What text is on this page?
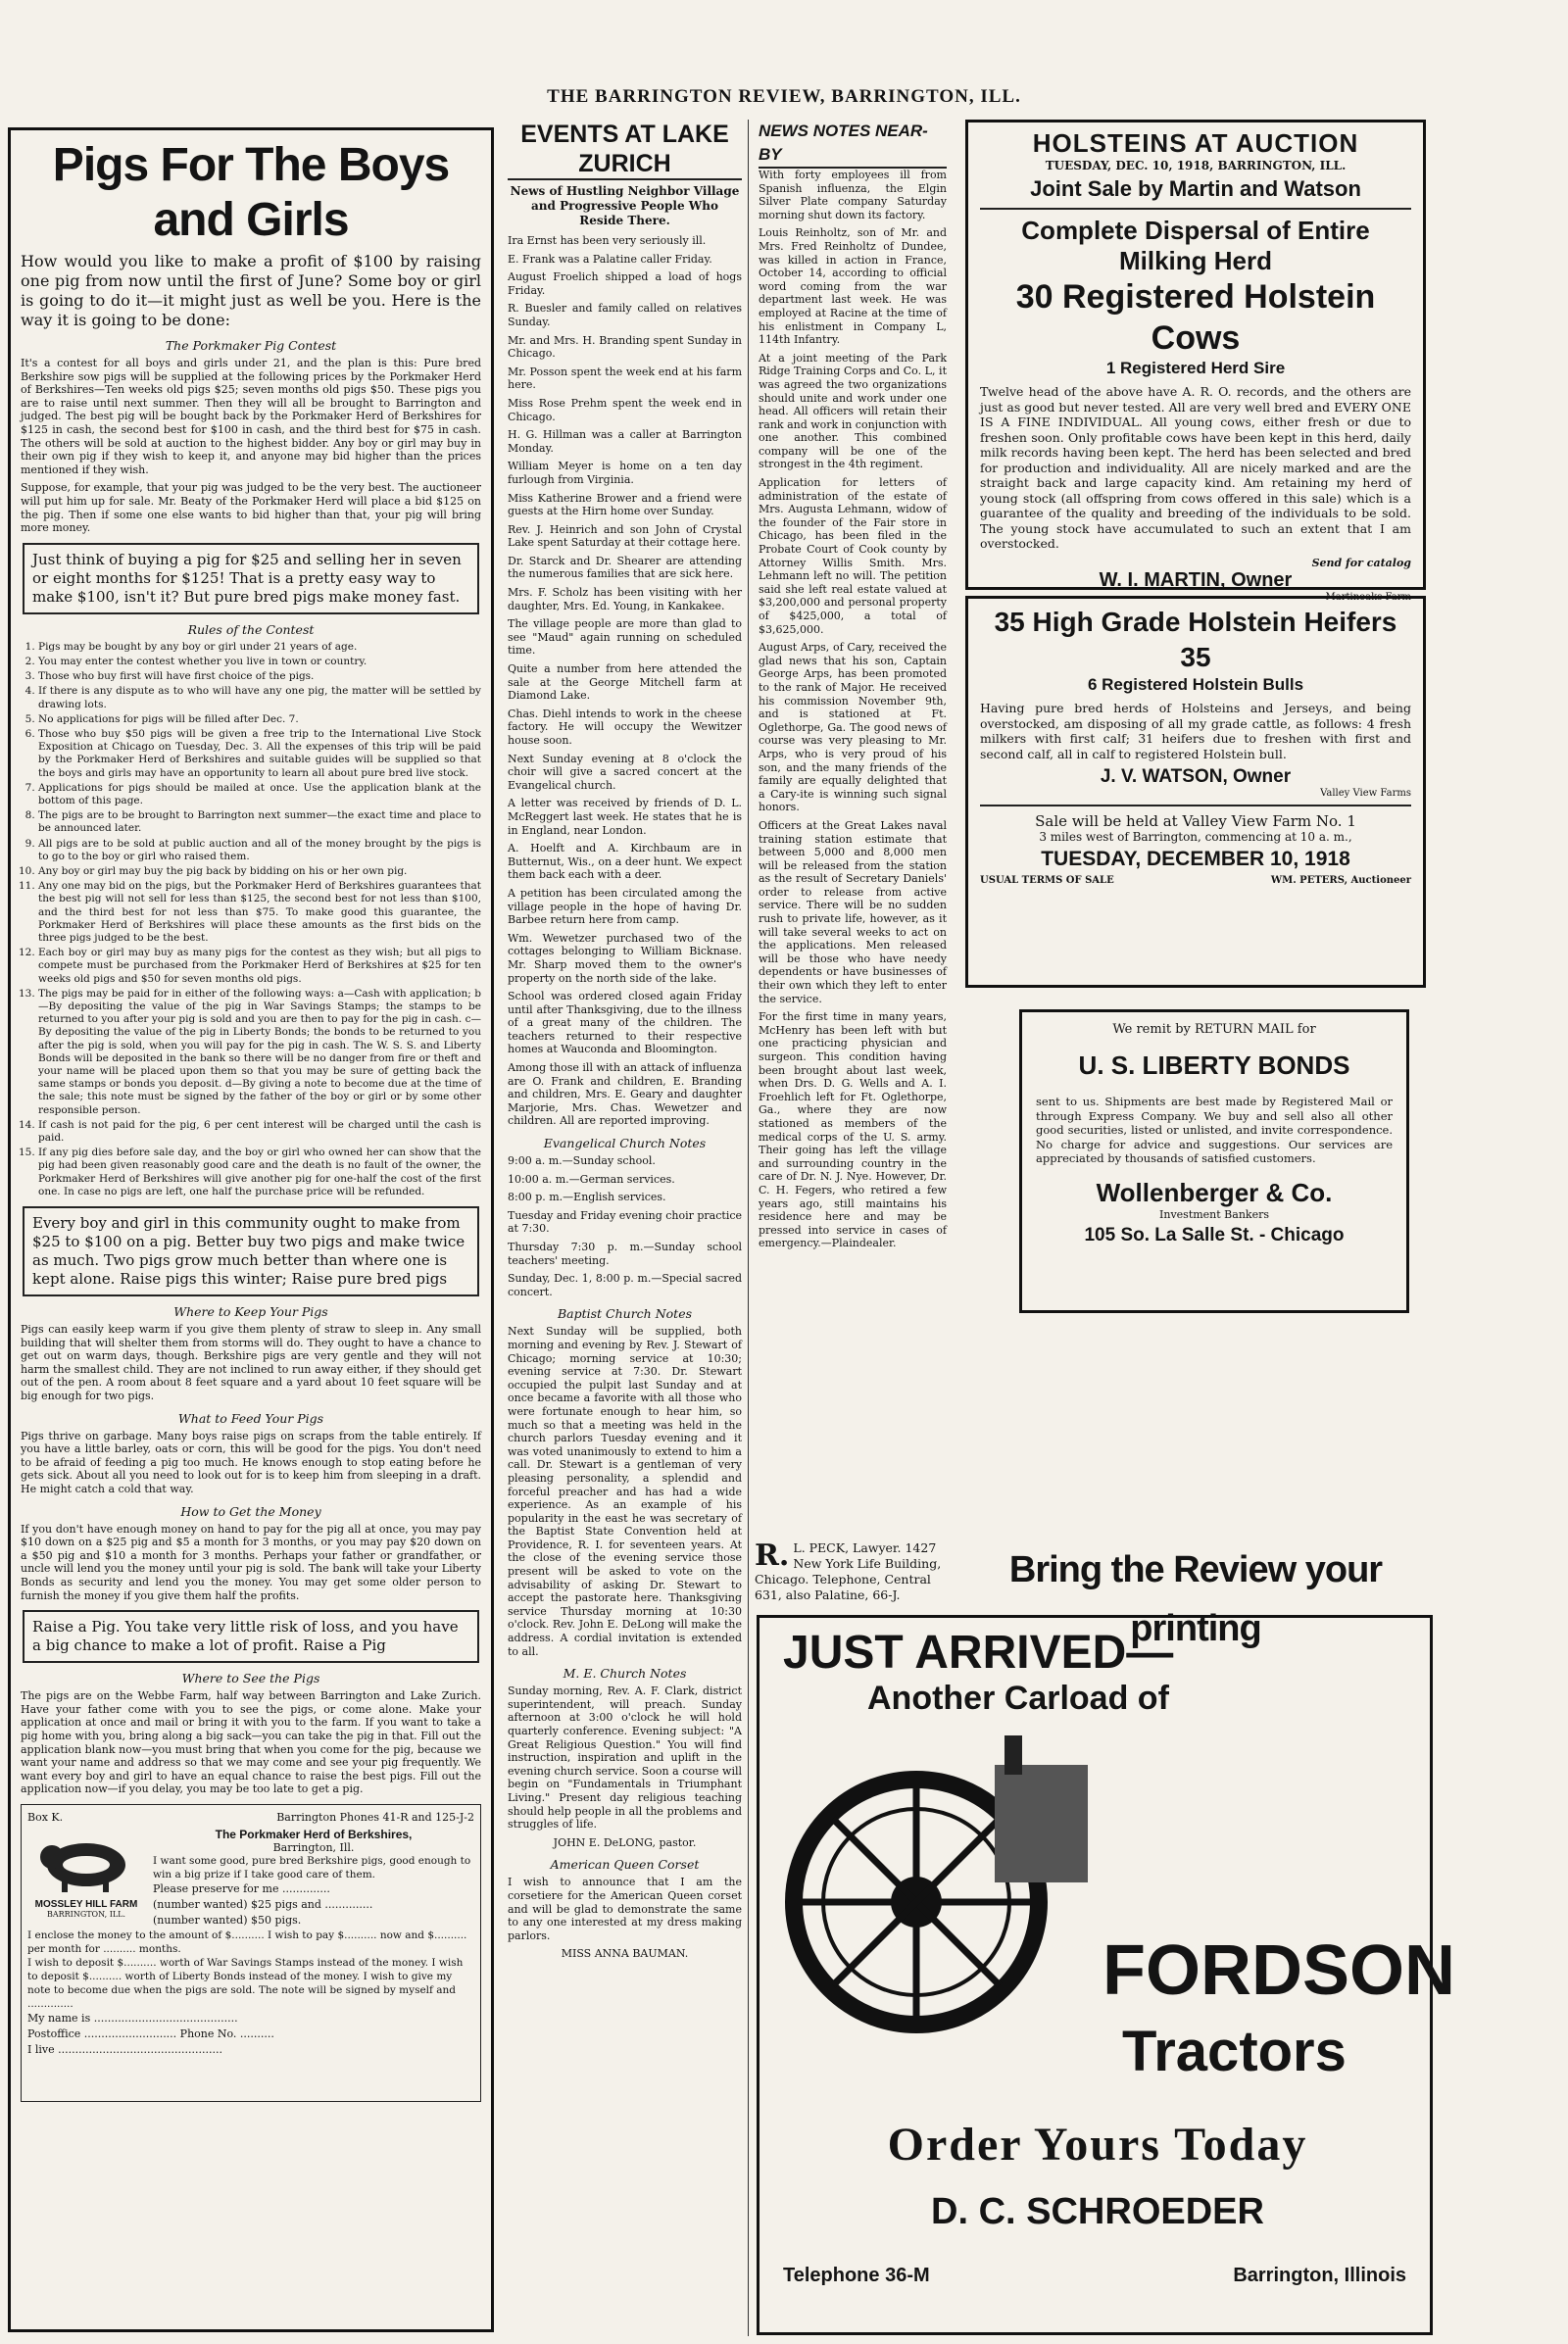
THE BARRINGTON REVIEW, BARRINGTON, ILL.
Pigs For The Boys and Girls

How would you like to make a profit of $100 by raising one pig from now until the first of June? Some boy or girl is going to do it—it might just as well be you. Here is the way it is going to be done:

The Porkmaker Pig Contest

It's a contest for all boys and girls under 21, and the plan is this: Pure bred Berkshire sow pigs will be supplied at the following prices by the Porkmaker Herd of Berkshires—Ten weeks old pigs $25; seven months old pigs $50. These pigs you are to raise until next summer. Then they will all be brought to Barrington and judged. The best pig will be bought back by the Porkmaker Herd of Berkshires for $125 in cash, the second best for $100 in cash, and the third best for $75 in cash. The others will be sold at auction to the highest bidder. Any boy or girl may buy in their own pig if they wish to keep it, and anyone may bid higher than the prices mentioned if they wish.

Suppose, for example, that your pig was judged to be the very best. The auctioneer will put him up for sale. Mr. Beaty of the Porkmaker Herd will place a bid $125 on the pig. Then if some one else wants to bid higher than that, your pig will bring more money.

Just think of buying a pig for $25 and selling her in seven or eight months for $125! That is a pretty easy way to make $100, isn't it? But pure bred pigs make money fast.
Rules of the Contest
1. Pigs may be bought by any boy or girl under 21 years of age.
2. You may enter the contest whether you live in town or country.
3. Those who buy first will have first choice of the pigs.
4. If there is any dispute as to who will have any one pig, the matter will be settled by drawing lots.
5. No applications for pigs will be filled after Dec. 7.
6. Those who buy $50 pigs will be given a free trip to the International Live Stock Exposition at Chicago on Tuesday, Dec. 3. All the expenses of this trip will be paid by the Porkmaker Herd of Berkshires and suitable guides will be supplied so that the boys and girls may have an opportunity to learn all about pure bred live stock.
7. Applications for pigs should be mailed at once. Use the application blank at the bottom of this page.
8. The pigs are to be brought to Barrington next summer—the exact time and place to be announced later.
9. All pigs are to be sold at public auction and all of the money brought by the pigs is to go to the boy or girl who raised them.
10. Any boy or girl may buy the pig back by bidding on his or her own pig.
11. Any one may bid on the pigs, but the Porkmaker Herd of Berkshires guarantees that the best pig will not sell for less than $125, the second best for not less than $100, and the third best for not less than $75. To make good this guarantee, the Porkmaker Herd of Berkshires will place these amounts as the first bids on the three pigs judged to be the best.
12. Each boy or girl may buy as many pigs for the contest as they wish; but all pigs to compete must be purchased from the Porkmaker Herd of Berkshires at $25 for ten weeks old pigs and $50 for seven months old pigs.
13. The pigs may be paid for in either of the following ways: a—Cash with application; b—By depositing the value of the pig in War Savings Stamps; the stamps to be returned to you after your pig is sold and you are then to pay for the pig in cash. c—By depositing the value of the pig in Liberty Bonds; the bonds to be returned to you after the pig is sold, when you will pay for the pig in cash. The W. S. S. and Liberty Bonds will be deposited in the bank so there will be no danger from fire or theft and your name will be placed upon them so that you may be sure of getting back the same stamps or bonds you deposit. d—By giving a note to become due at the time of the sale; this note must be signed by the father of the boy or girl or by some other responsible person.
14. If cash is not paid for the pig, 6 per cent interest will be charged until the cash is paid.
15. If any pig dies before sale day, and the boy or girl who owned her can show that the pig had been given reasonably good care and the death is no fault of the owner, the Porkmaker Herd of Berkshires will give another pig for one-half the cost of the first one. In case no pigs are left, one half the purchase price will be refunded.
Every boy and girl in this community ought to make from $25 to $100 on a pig. Better buy two pigs and make twice as much. Two pigs grow much better than where one is kept alone. Raise pigs this winter; Raise pure bred pigs
Where to Keep Your Pigs

Pigs can easily keep warm if you give them plenty of straw to sleep in. Any small building that will shelter them from storms will do. They ought to have a chance to get out on warm days, though. Berkshire pigs are very gentle and they will not harm the smallest child. They are not inclined to run away either, if they should get out of the pen. A room about 8 feet square and a yard about 10 feet square will be big enough for two pigs.

What to Feed Your Pigs

Pigs thrive on garbage. Many boys raise pigs on scraps from the table entirely. If you have a little barley, oats or corn, this will be good for the pigs. You don't need to be afraid of feeding a pig too much. He knows enough to stop eating before he gets sick. About all you need to look out for is to keep him from sleeping in a draft. He might catch a cold that way.

How to Get the Money

If you don't have enough money on hand to pay for the pig all at once, you may pay $10 down on a $25 pig and $5 a month for 3 months, or you may pay $20 down on a $50 pig and $10 a month for 3 months. Perhaps your father or grandfather, or uncle will lend you the money until your pig is sold. The bank will take your Liberty Bonds as security and lend you the money. You may get some older person to furnish the money if you give them half the profits.

Raise a Pig. You take very little risk of loss, and you have a big chance to make a lot of profit. Raise a Pig
Where to See the Pigs

The pigs are on the Webbe Farm, half way between Barrington and Lake Zurich. Have your father come with you to see the pigs, or come alone. Make your application at once and mail or bring it with you to the farm. If you want to take a pig home with you, bring along a big sack—you can take the pig in that. Fill out the application blank now—you must bring that when you come for the pig, because we want your name and address so that we may come and see your pig frequently. We want every boy and girl to have an equal chance to raise the best pigs. Fill out the application now—if you delay, you may be too late to get a pig.

Box K.	Barrington Phones 41-R and 125-J-2
MOSSLEY HILL FARM
BARRINGTON, ILL.
The Porkmaker Herd of Berkshires,
Barrington, Ill.
I want some good, pure bred Berkshire pigs, good enough to win a big prize if I take good care of them.
Please preserve for me ..............
(number wanted) $25 pigs and ..............
(number wanted) $50 pigs.
I enclose the money to the amount of $.......... I wish to pay $.......... now and $.......... per month for .......... months.
I wish to deposit $.......... worth of War Savings Stamps instead of the money. I wish to deposit $.......... worth of Liberty Bonds instead of the money. I wish to give my note to become due when the pigs are sold. The note will be signed by myself and ..............
My name is ..........................................
Postoffice ........................... Phone No. ..........
I live ................................................
EVENTS AT LAKE ZURICH
News of Hustling Neighbor Village and Progressive People Who Reside There.

Ira Ernst has been very seriously ill.

E. Frank was a Palatine caller Friday.

August Froelich shipped a load of hogs Friday.

R. Buesler and family called on relatives Sunday.

Mr. and Mrs. H. Branding spent Sunday in Chicago.

Mr. Posson spent the week end at his farm here.

Miss Rose Prehm spent the week end in Chicago.

H. G. Hillman was a caller at Barrington Monday.

William Meyer is home on a ten day furlough from Virginia.

Miss Katherine Brower and a friend were guests at the Hirn home over Sunday.

Rev. J. Heinrich and son John of Crystal Lake spent Saturday at their cottage here.

Dr. Starck and Dr. Shearer are attending the numerous families that are sick here.

Mrs. F. Scholz has been visiting with her daughter, Mrs. Ed. Young, in Kankakee.

The village people are more than glad to see "Maud" again running on scheduled time.

Quite a number from here attended the sale at the George Mitchell farm at Diamond Lake.

Chas. Diehl intends to work in the cheese factory. He will occupy the Wewitzer house soon.

Next Sunday evening at 8 o'clock the choir will give a sacred concert at the Evangelical church.

A letter was received by friends of D. L. McReggert last week. He states that he is in England, near London.

A. Hoelft and A. Kirchbaum are in Butternut, Wis., on a deer hunt. We expect them back each with a deer.

A petition has been circulated among the village people in the hope of having Dr. Barbee return here from camp.

Wm. Wewetzer purchased two of the cottages belonging to William Bicknase. Mr. Sharp moved them to the owner's property on the north side of the lake.

School was ordered closed again Friday until after Thanksgiving, due to the illness of a great many of the children. The teachers returned to their respective homes at Wauconda and Bloomington.

Among those ill with an attack of influenza are O. Frank and children, E. Branding and children, Mrs. E. Geary and daughter Marjorie, Mrs. Chas. Wewetzer and children. All are reported improving.

Evangelical Church Notes

9:00 a. m.—Sunday school.

10:00 a. m.—German services.

8:00 p. m.—English services.

Tuesday and Friday evening choir practice at 7:30.

Thursday 7:30 p. m.—Sunday school teachers' meeting.

Sunday, Dec. 1, 8:00 p. m.—Special sacred concert.

Baptist Church Notes

Next Sunday will be supplied, both morning and evening by Rev. J. Stewart of Chicago; morning service at 10:30; evening service at 7:30. Dr. Stewart occupied the pulpit last Sunday and at once became a favorite with all those who were fortunate enough to hear him, so much so that a meeting was held in the church parlors Tuesday evening and it was voted unanimously to extend to him a call. Dr. Stewart is a gentleman of very pleasing personality, a splendid and forceful preacher and has had a wide experience. As an example of his popularity in the east he was secretary of the Baptist State Convention held at Providence, R. I. for seventeen years. At the close of the evening service those present will be asked to vote on the advisability of asking Dr. Stewart to accept the pastorate here. Thanksgiving service Thursday morning at 10:30 o'clock. Rev. John E. DeLong will make the address. A cordial invitation is extended to all.

M. E. Church Notes

Sunday morning, Rev. A. F. Clark, district superintendent, will preach. Sunday afternoon at 3:00 o'clock he will hold quarterly conference. Evening subject: "A Great Religious Question." You will find instruction, inspiration and uplift in the evening church service. Soon a course will begin on "Fundamentals in Triumphant Living." Present day religious teaching should help people in all the problems and struggles of life.

JOHN E. DeLONG, pastor.

American Queen Corset

I wish to announce that I am the corsetiere for the American Queen corset and will be glad to demonstrate the same to any one interested at my dress making parlors.

MISS ANNA BAUMAN.

NEWS NOTES NEAR-BY

With forty employees ill from Spanish influenza, the Elgin Silver Plate company Saturday morning shut down its factory.

Louis Reinholtz, son of Mr. and Mrs. Fred Reinholtz of Dundee, was killed in action in France, October 14, according to official word coming from the war department last week. He was employed at Racine at the time of his enlistment in Company L, 114th Infantry.

At a joint meeting of the Park Ridge Training Corps and Co. L, it was agreed the two organizations should unite and work under one head. All officers will retain their rank and work in conjunction with one another. This combined company will be one of the strongest in the 4th regiment.

Application for letters of administration of the estate of Mrs. Augusta Lehmann, widow of the founder of the Fair store in Chicago, has been filed in the Probate Court of Cook county by Attorney Willis Smith. Mrs. Lehmann left no will. The petition said she left real estate valued at $3,200,000 and personal property of $425,000, a total of $3,625,000.

August Arps, of Cary, received the glad news that his son, Captain George Arps, has been promoted to the rank of Major. He received his commission November 9th, and is stationed at Ft. Oglethorpe, Ga. The good news of course was very pleasing to Mr. Arps, who is very proud of his son, and the many friends of the family are equally delighted that a Cary-ite is winning such signal honors.

Officers at the Great Lakes naval training station estimate that between 5,000 and 8,000 men will be released from the station as the result of Secretary Daniels' order to release from active service. There will be no sudden rush to private life, however, as it will take several weeks to act on the applications. Men released will be those who have needy dependents or have businesses of their own which they left to enter the service.

For the first time in many years, McHenry has been left with but one practicing physician and surgeon. This condition having been brought about last week, when Drs. D. G. Wells and A. I. Froehlich left for Ft. Oglethorpe, Ga., where they are now stationed as members of the medical corps of the U. S. army. Their going has left the village and surrounding country in the care of Dr. N. J. Nye. However, Dr. C. H. Fegers, who retired a few years ago, still maintains his residence here and may be pressed into service in cases of emergency.—Plaindealer.

HOLSTEINS AT AUCTION
TUESDAY, DEC. 10, 1918, BARRINGTON, ILL.
Joint Sale by Martin and Watson
Complete Dispersal of Entire Milking Herd
30 Registered Holstein Cows
1 Registered Herd Sire

Twelve head of the above have A. R. O. records, and the others are just as good but never tested. All are very well bred and EVERY ONE IS A FINE INDIVIDUAL. All young cows, either fresh or due to freshen soon. Only profitable cows have been kept in this herd, daily milk records having been kept. The herd has been selected and bred for production and individuality. All are nicely marked and are the straight back and large capacity kind. Am retaining my herd of young stock (all offspring from cows offered in this sale) which is a guarantee of the quality and breeding of the individuals to be sold. The young stock have accumulated to such an extent that I am overstocked.

Send for catalog
W. I. MARTIN, Owner
Martinoaks Farm
35 High Grade Holstein Heifers 35
6 Registered Holstein Bulls

Having pure bred herds of Holsteins and Jerseys, and being overstocked, am disposing of all my grade cattle, as follows: 4 fresh milkers with first calf; 31 heifers due to freshen with first and second calf, all in calf to registered Holstein bull.

J. V. WATSON, Owner
Valley View Farms
Sale will be held at Valley View Farm No. 1
3 miles west of Barrington, commencing at 10 a. m.,
TUESDAY, DECEMBER 10, 1918
USUAL TERMS OF SALE	WM. PETERS, Auctioneer
We remit by RETURN MAIL for
U. S. LIBERTY BONDS

sent to us. Shipments are best made by Registered Mail or through Express Company. We buy and sell also all other good securities, listed or unlisted, and invite correspondence. No charge for advice and suggestions. Our services are appreciated by thousands of satisfied customers.

Wollenberger & Co.
Investment Bankers
105 So. La Salle St. - Chicago
R. L. PECK, Lawyer. 1427 New York Life Building, Chicago. Telephone, Central 631, also Palatine, 66-J.
Bring the Review your printing
JUST ARRIVED—
Another Carload of
FORDSON
Tractors
Order Yours Today
D. C. SCHROEDER
Telephone 36-M	Barrington, Illinois
